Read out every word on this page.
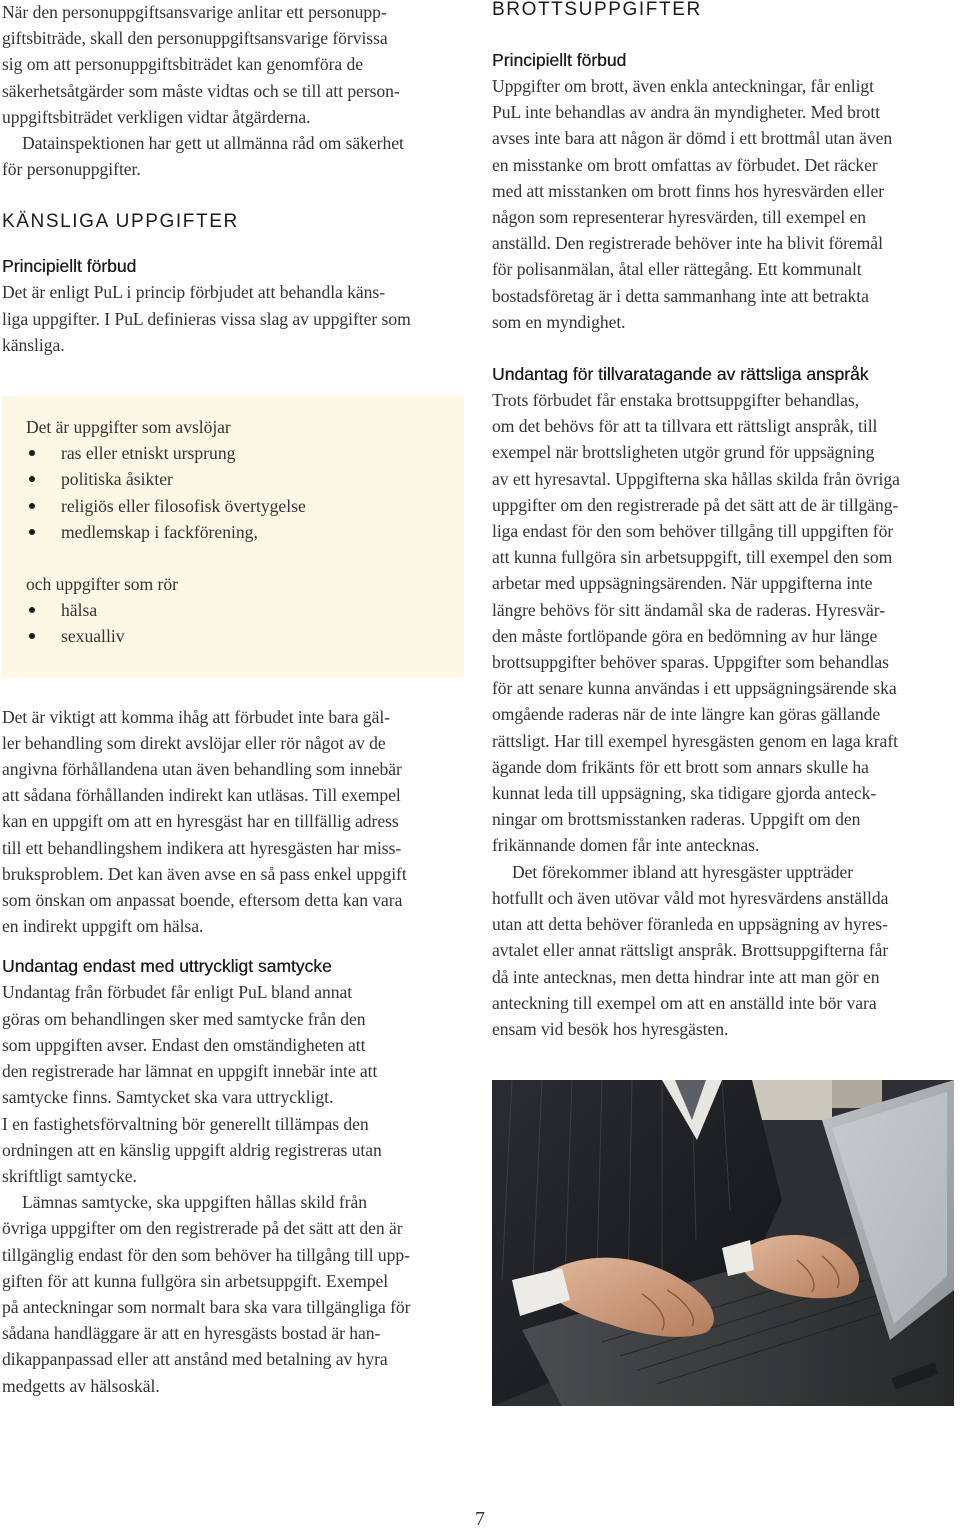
När den personuppgiftsansvarige anlitar ett personupp-
giftsbiträde, skall den personuppgiftsansvarige förvissa
sig om att personuppgiftsbiträdet kan genomföra de
säkerhetsåtgärder som måste vidtas och se till att person-
uppgiftsbiträdet verkligen vidtar åtgärderna.

Datainspektionen har gett ut allmänna råd om säkerhet
för personuppgifter.

KÄNSLIGA UPPGIFTER
Principiellt förbud

Det är enligt PuL i princip förbjudet att behandla käns-
liga uppgifter. I PuL definieras vissa slag av uppgifter som
känsliga.

Det är uppgifter som avslöjar

ras eller etniskt ursprung
politiska åsikter
religiös eller filosofisk övertygelse
medlemskap i fackförening,

och uppgifter som rör

hälsa
sexualliv

Det är viktigt att komma ihåg att förbudet inte bara gäl-
ler behandling som direkt avslöjar eller rör något av de
angivna förhållandena utan även behandling som innebär
att sådana förhållanden indirekt kan utläsas. Till exempel
kan en uppgift om att en hyresgäst har en tillfällig adress
till ett behandlingshem indikera att hyresgästen har miss-
bruksproblem. Det kan även avse en så pass enkel uppgift
som önskan om anpassat boende, eftersom detta kan vara
en indirekt uppgift om hälsa.

Undantag endast med uttryckligt samtycke

Undantag från förbudet får enligt PuL bland annat
göras om behandlingen sker med samtycke från den
som uppgiften avser. Endast den omständigheten att
den registrerade har lämnat en uppgift innebär inte att
samtycke finns. Samtycket ska vara uttryckligt.
I en fastighetsförvaltning bör generellt tillämpas den
ordningen att en känslig uppgift aldrig registreras utan
skriftligt samtycke.

Lämnas samtycke, ska uppgiften hållas skild från
övriga uppgifter om den registrerade på det sätt att den är
tillgänglig endast för den som behöver ha tillgång till upp-
giften för att kunna fullgöra sin arbetsuppgift. Exempel
på anteckningar som normalt bara ska vara tillgängliga för
sådana handläggare är att en hyresgästs bostad är han-
dikappanpassad eller att anstånd med betalning av hyra
medgetts av hälsoskäl.

BROTTSUPPGIFTER
Principiellt förbud

Uppgifter om brott, även enkla anteckningar, får enligt
PuL inte behandlas av andra än myndigheter. Med brott
avses inte bara att någon är dömd i ett brottmål utan även
en misstanke om brott omfattas av förbudet. Det räcker
med att misstanken om brott finns hos hyresvärden eller
någon som representerar hyresvärden, till exempel en
anställd. Den registrerade behöver inte ha blivit föremål
för polisanmälan, åtal eller rättegång. Ett kommunalt
bostadsföretag är i detta sammanhang inte att betrakta
som en myndighet.

Undantag för tillvaratagande av rättsliga anspråk

Trots förbudet får enstaka brottsuppgifter behandlas,
om det behövs för att ta tillvara ett rättsligt anspråk, till
exempel när brottsligheten utgör grund för uppsägning
av ett hyresavtal. Uppgifterna ska hållas skilda från övriga
uppgifter om den registrerade på det sätt att de är tillgäng-
liga endast för den som behöver tillgång till uppgiften för
att kunna fullgöra sin arbetsuppgift, till exempel den som
arbetar med uppsägningsärenden. När uppgifterna inte
längre behövs för sitt ändamål ska de raderas. Hyresvär-
den måste fortlöpande göra en bedömning av hur länge
brottsuppgifter behöver sparas. Uppgifter som behandlas
för att senare kunna användas i ett uppsägningsärende ska
omgående raderas när de inte längre kan göras gällande
rättsligt. Har till exempel hyresgästen genom en laga kraft
ägande dom frikänts för ett brott som annars skulle ha
kunnat leda till uppsägning, ska tidigare gjorda anteck-
ningar om brottsmisstanken raderas. Uppgift om den
frikännande domen får inte antecknas.

Det förekommer ibland att hyresgäster uppträder
hotfullt och även utövar våld mot hyresvärdens anställda
utan att detta behöver föranleda en uppsägning av hyres-
avtalet eller annat rättsligt anspråk. Brottsuppgifterna får
då inte antecknas, men detta hindrar inte att man gör en
anteckning till exempel om att en anställd inte bör vara
ensam vid besök hos hyresgästen.

7
